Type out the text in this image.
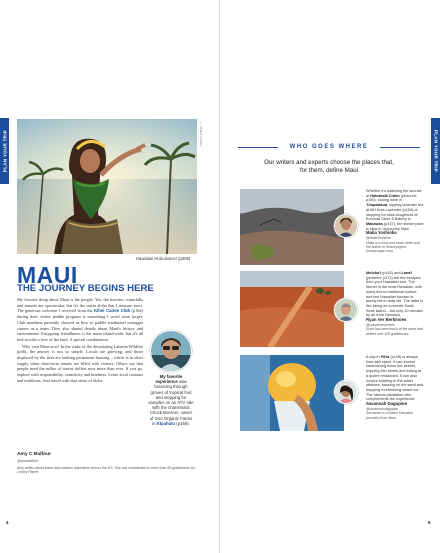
PLAN YOUR TRIP	© LONELY PLANET
Hawaiian Hula dancer (p208)
MAUI
THE JOURNEY BEGINS HERE

My favorite thing about Maui is the people. Yes, the beaches, waterfalls and sunsets are spectacular, but it's the warm aloha that I treasure most. The generous welcome I received from the Kihei Canoe Club (p164) during their visitor paddle program is something I won't soon forget. Club members patiently showed us how to paddle traditional outrigger canoes as a team. They also shared details about Maui's history and environment. Easygoing friendliness is the norm island-wide, but it's all tied in with a love of the land. A special combination.

Why visit Maui now? In the wake of the devastating Lahaina Wildfire (p46), the answer is not so simple. Locals are grieving, and those displaced by the fires are seeking permanent housing – which is in short supply when short-term rentals are filled with visitors. Others say that people need the influx of tourist dollars now more than ever. If you go, explore with responsibility, sensitivity and kindness. Learn local customs and traditions. And travel with that sense of aloha.

Amy C Balfour
@amcbalfour
Amy writes about travel and outdoor adventure across the US. She has contributed to more than 60 guidebooks for Lonely Planet.
My favorite experience was bouncing through groves of tropical fruit and stopping for samples on an ATV ride with the charismatic Chuck Boerner, owner of Ono Organic Farms in Kīpahulu (p166).
4
PLAN YOUR TRIP
WHO GOES WHERE
Our writers and experts choose the places that,
for them, define Maui
Whether it's watching the sunrise at Haleakalā Crater (pictured; p150), tooling wine in 'Ulupalakua, sipping lavender tea at Ali'i Kula Lavender (p153) or stopping for stick doughnuts at Komoda Store & Bakery in Makawao (p137), the slower pace is slow in Upcountry Maui.
Malia Yoshioka
@MaliaYoshioka
Malia is a local and travel writer and the author of Shaveyogeur (shoyosugar.com)
Moloka'i (p162) and Lana'i (pictured; p171) are the escapes from your Hawaiian tour. The former is the most Hawaiian, with many ties to traditional culture, and few Hawaiian tourism is barely felt in daily life. The latter is like being on a remote South Seas island – but only 20 minutes by air from Honolulu.
Ryan Ver Berkmoes
@ryanverberkmoes
Ryan has seen much of the world and written over 100 guidebooks.
A day in Pā'ia (p105) is always time well spent. It can involve meandering down the streets, popping into stores and eating at a quaint restaurant. It can also involve bobbing in the water offshore, basking on the sand and enjoying a refreshing shave ice. The historic plantation vibe complements the experience.
Savannah Dagupion
@savannah.dagupion
Savannah is a Native Hawaiian journalist from Maui.
5
